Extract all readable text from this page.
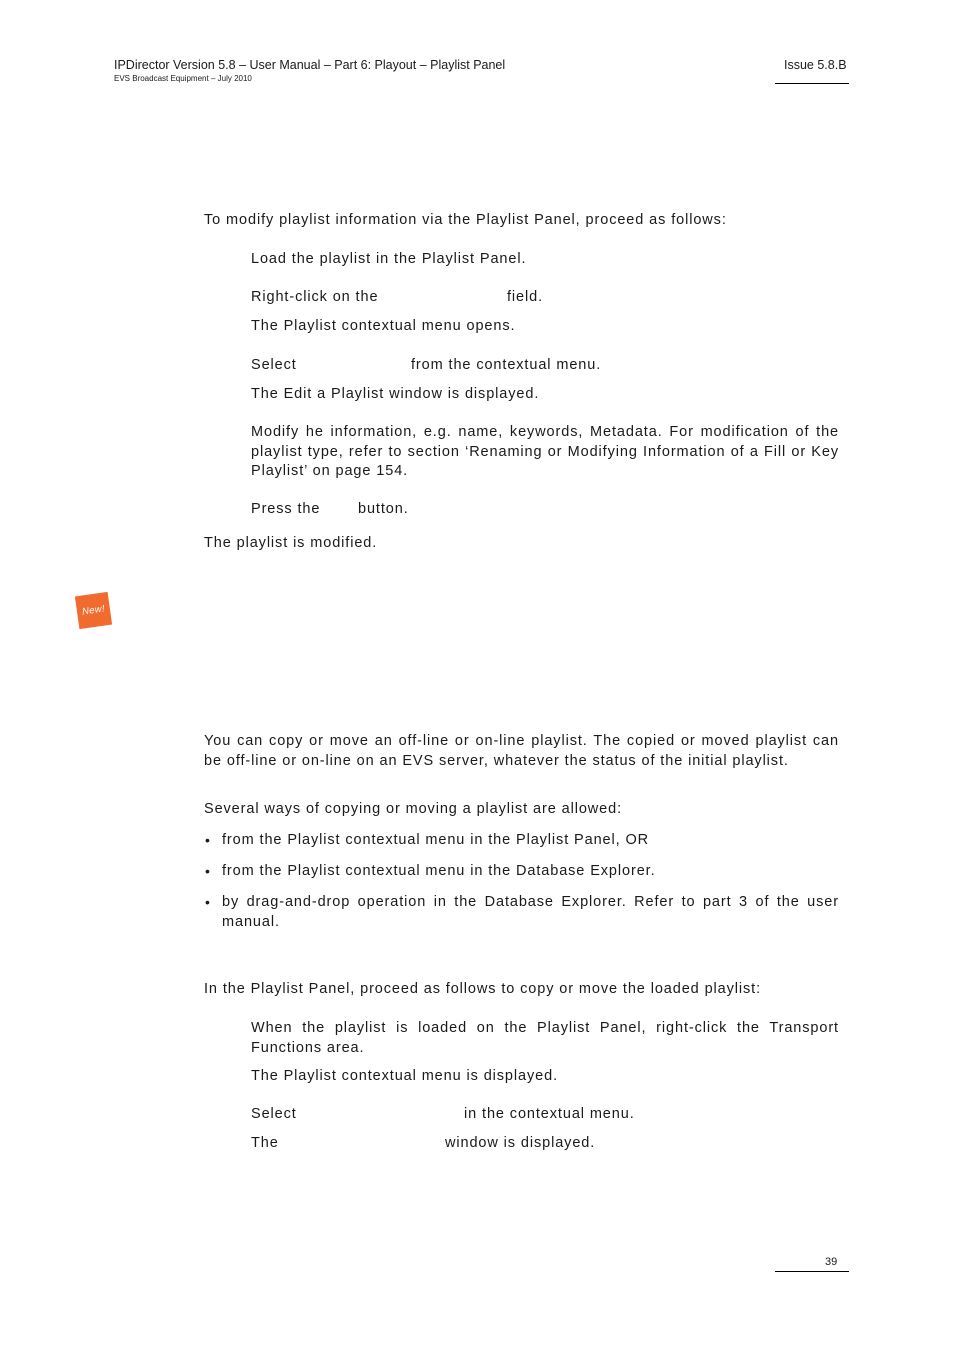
IPDirector Version 5.8 – User Manual – Part 6: Playout – Playlist Panel
EVS Broadcast Equipment – July 2010
Issue 5.8.B
To modify playlist information via the Playlist Panel, proceed as follows:
Load the playlist in the Playlist Panel.
Right-click on the	field.
The Playlist contextual menu opens.
Select	from the contextual menu.
The Edit a Playlist window is displayed.
Modify he information, e.g. name, keywords, Metadata. For modification of the playlist type, refer to section ‘Renaming or Modifying Information of a Fill or Key Playlist’ on page 154.
Press the	button.
The playlist is modified.
New!
You can copy or move an off-line or on-line playlist. The copied or moved playlist can be off-line or on-line on an EVS server, whatever the status of the initial playlist.
Several ways of copying or moving a playlist are allowed:
• from the Playlist contextual menu in the Playlist Panel, OR
• from the Playlist contextual menu in the Database Explorer.
• by drag-and-drop operation in the Database Explorer. Refer to part 3 of the user manual.
In the Playlist Panel, proceed as follows to copy or move the loaded playlist:
When the playlist is loaded on the Playlist Panel, right-click the Transport Functions area.
The Playlist contextual menu is displayed.
Select	in the contextual menu.
The	window is displayed.
39
